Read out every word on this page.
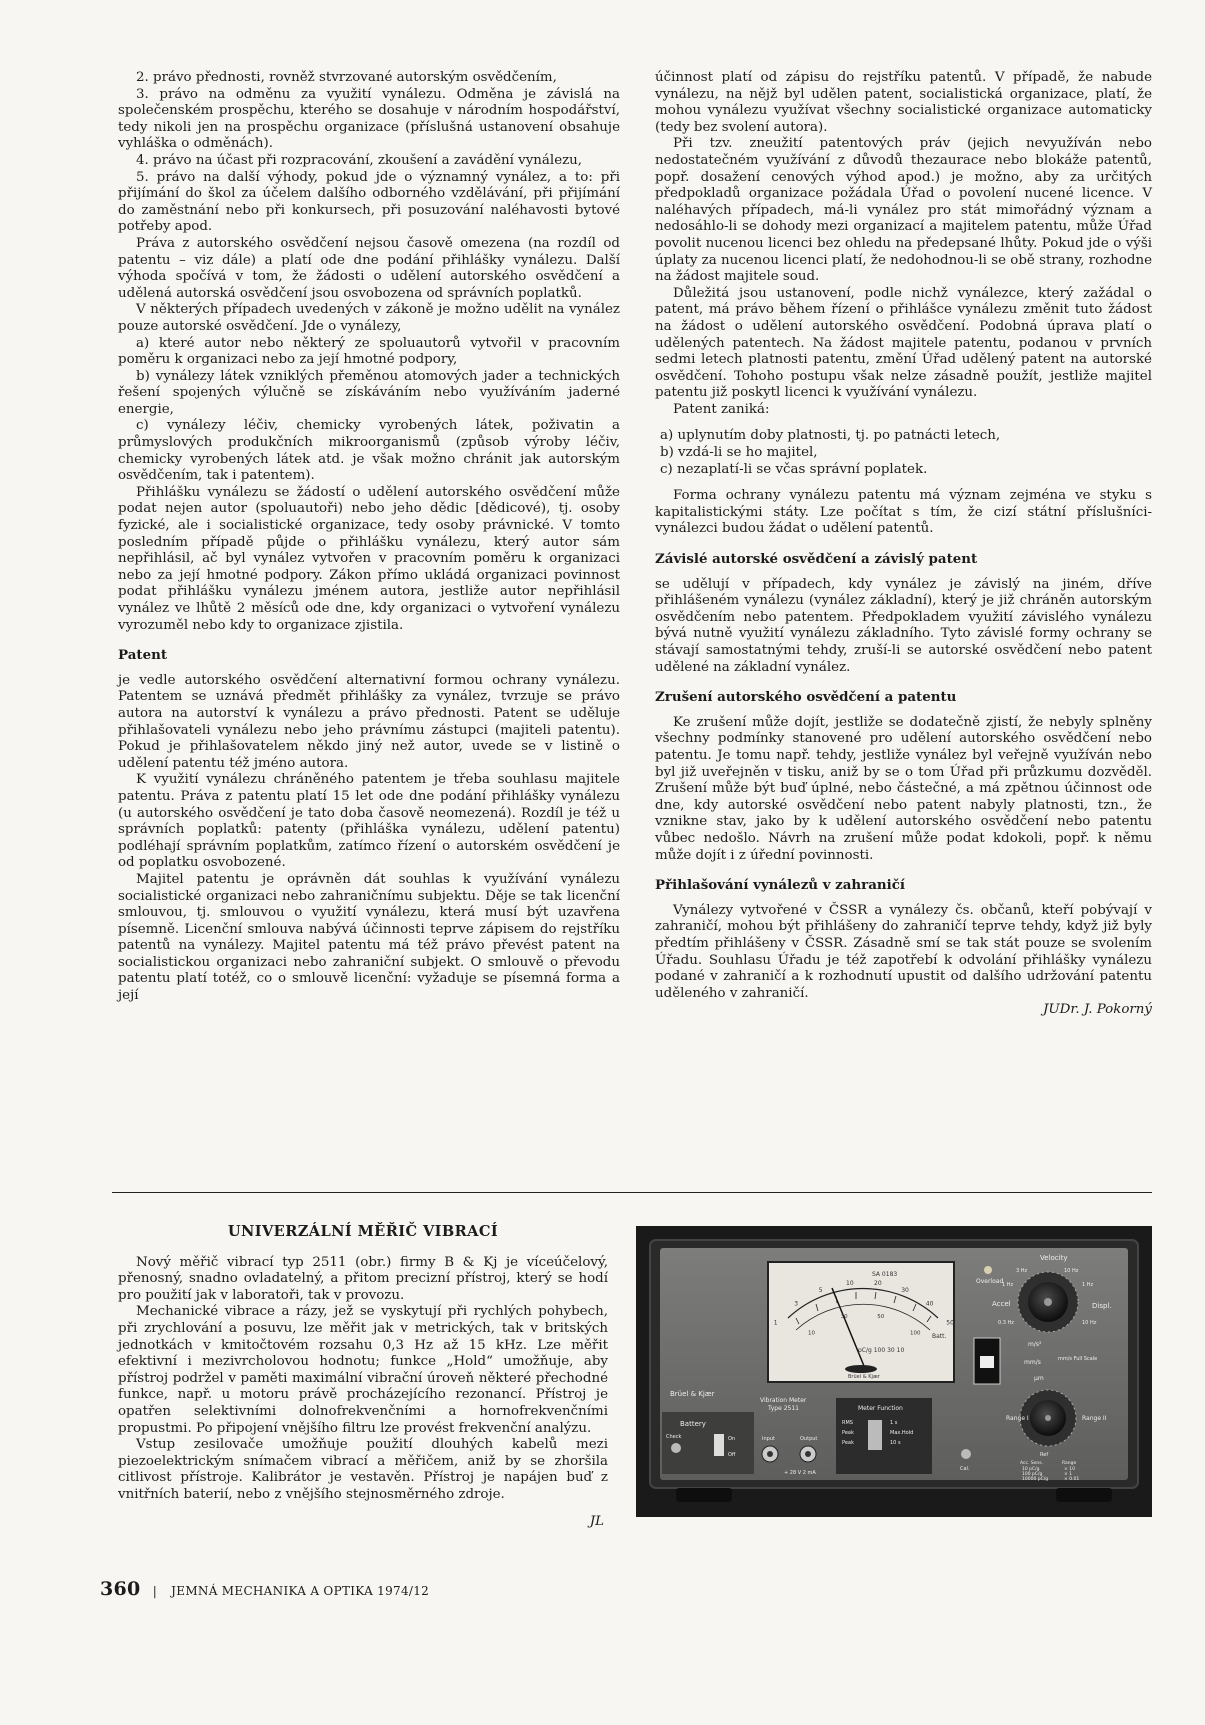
2. právo přednosti, rovněž stvrzované autorským osvědčením,

3. právo na odměnu za využití vynálezu. Odměna je závislá na společenském prospěchu, kterého se dosahuje v národním hospodářství, tedy nikoli jen na prospěchu organizace (příslušná ustanovení obsahuje vyhláška o odměnách).

4. právo na účast při rozpracování, zkoušení a zavádění vynálezu,

5. právo na další výhody, pokud jde o významný vynález, a to: při přijímání do škol za účelem dalšího odborného vzdělávání, při přijímání do zaměstnání nebo při konkursech, při posuzování naléhavosti bytové potřeby apod.

Práva z autorského osvědčení nejsou časově omezena (na rozdíl od patentu – viz dále) a platí ode dne podání přihlášky vynálezu. Další výhoda spočívá v tom, že žádosti o udělení autorského osvědčení a udělená autorská osvědčení jsou osvobozena od správních poplatků.

V některých případech uvedených v zákoně je možno udělit na vynález pouze autorské osvědčení. Jde o vynálezy,

a) které autor nebo některý ze spoluautorů vytvořil v pracovním poměru k organizaci nebo za její hmotné podpory,

b) vynálezy látek vzniklých přeměnou atomových jader a technických řešení spojených výlučně se získáváním nebo využíváním jaderné energie,

c) vynálezy léčiv, chemicky vyrobených látek, poživatin a průmyslových produkčních mikroorganismů (způsob výroby léčiv, chemicky vyrobených látek atd. je však možno chránit jak autorským osvědčením, tak i patentem).

Přihlášku vynálezu se žádostí o udělení autorského osvědčení může podat nejen autor (spoluautoři) nebo jeho dědic [dědicové), tj. osoby fyzické, ale i socialistické organizace, tedy osoby právnické. V tomto posledním případě půjde o přihlášku vynálezu, který autor sám nepřihlásil, ač byl vynález vytvořen v pracovním poměru k organizaci nebo za její hmotné podpory. Zákon přímo ukládá organizaci povinnost podat přihlášku vynálezu jménem autora, jestliže autor nepřihlásil vynález ve lhůtě 2 měsíců ode dne, kdy organizaci o vytvoření vynálezu vyrozuměl nebo kdy to organizace zjistila.

Patent

je vedle autorského osvědčení alternativní formou ochrany vynálezu. Patentem se uznává předmět přihlášky za vynález, tvrzuje se právo autora na autorství k vynálezu a právo přednosti. Patent se uděluje přihlašovateli vynálezu nebo jeho právnímu zástupci (majiteli patentu). Pokud je přihlašovatelem někdo jiný než autor, uvede se v listině o udělení patentu též jméno autora.

K využití vynálezu chráněného patentem je třeba souhlasu majitele patentu. Práva z patentu platí 15 let ode dne podání přihlášky vynálezu (u autorského osvědčení je tato doba časově neomezená). Rozdíl je též u správních poplatků: patenty (přihláška vynálezu, udělení patentu) podléhají správním poplatkům, zatímco řízení o autorském osvědčení je od poplatku osvobozené.

Majitel patentu je oprávněn dát souhlas k využívání vynálezu socialistické organizaci nebo zahraničnímu subjektu. Děje se tak licenční smlouvou, tj. smlouvou o využití vynálezu, která musí být uzavřena písemně. Licenční smlouva nabývá účinnosti teprve zápisem do rejstříku patentů na vynálezy. Majitel patentu má též právo převést patent na socialistickou organizaci nebo zahraniční subjekt. O smlouvě o převodu patentu platí totéž, co o smlouvě licenční: vyžaduje se písemná forma a její

účinnost platí od zápisu do rejstříku patentů. V případě, že nabude vynálezu, na nějž byl udělen patent, socialistická organizace, platí, že mohou vynálezu využívat všechny socialistické organizace automaticky (tedy bez svolení autora).

Při tzv. zneužití patentových práv (jejich nevyužíván nebo nedostatečném využívání z důvodů thezaurace nebo blokáže patentů, popř. dosažení cenových výhod apod.) je možno, aby za určitých předpokladů organizace požádala Úřad o povolení nucené licence. V naléhavých případech, má-li vynález pro stát mimořádný význam a nedosáhlo-li se dohody mezi organizací a majitelem patentu, může Úřad povolit nucenou licenci bez ohledu na předepsané lhůty. Pokud jde o výši úplaty za nucenou licenci platí, že nedohodnou-li se obě strany, rozhodne na žádost majitele soud.

Důležitá jsou ustanovení, podle nichž vynálezce, který zažádal o patent, má právo během řízení o přihlášce vynálezu změnit tuto žádost na žádost o udělení autorského osvědčení. Podobná úprava platí o udělených patentech. Na žádost majitele patentu, podanou v prvních sedmi letech platnosti patentu, změní Úřad udělený patent na autorské osvědčení. Tohoho postupu však nelze zásadně použít, jestliže majitel patentu již poskytl licenci k využívání vynálezu.

Patent zaniká:

a) uplynutím doby platnosti, tj. po patnácti letech,

b) vzdá-li se ho majitel,

c) nezaplatí-li se včas správní poplatek.

Forma ochrany vynálezu patentu má význam zejména ve styku s kapitalistickými státy. Lze počítat s tím, že cizí státní příslušníci-vynálezci budou žádat o udělení patentů.

Závislé autorské osvědčení a závislý patent

se udělují v případech, kdy vynález je závislý na jiném, dříve přihlášeném vynálezu (vynález základní), který je již chráněn autorským osvědčením nebo patentem. Předpokladem využití závislého vynálezu bývá nutně využití vynálezu základního. Tyto závislé formy ochrany se stávají samostatnými tehdy, zruší-li se autorské osvědčení nebo patent udělené na základní vynález.

Zrušení autorského osvědčení a patentu

Ke zrušení může dojít, jestliže se dodatečně zjistí, že nebyly splněny všechny podmínky stanovené pro udělení autorského osvědčení nebo patentu. Je tomu např. tehdy, jestliže vynález byl veřejně využíván nebo byl již uveřejněn v tisku, aniž by se o tom Úřad při průzkumu dozvěděl. Zrušení může být buď úplné, nebo částečné, a má zpětnou účinnost ode dne, kdy autorské osvědčení nebo patent nabyly platnosti, tzn., že vznikne stav, jako by k udělení autorského osvědčení nebo patentu vůbec nedošlo. Návrh na zrušení může podat kdokoli, popř. k němu může dojít i z úřední povinnosti.

Přihlašování vynálezů v zahraničí

Vynálezy vytvořené v ČSSR a vynálezy čs. občanů, kteří pobývají v zahraničí, mohou být přihlášeny do zahraničí teprve tehdy, když již byly předtím přihlášeny v ČSSR. Zásadně smí se tak stát pouze se svolením Úřadu. Souhlasu Úřadu je též zapotřebí k odvolání přihlášky vynálezu podané v zahraničí a k rozhodnutí upustit od dalšího udržování patentu uděleného v zahraničí.

JUDr. J. Pokorný

UNIVERZÁLNÍ MĚŘIČ VIBRACÍ

Nový měřič vibrací typ 2511 (obr.) firmy B & Kj je víceúčelový, přenosný, snadno ovladatelný, a přitom precizní přístroj, který se hodí pro použití jak v laboratoři, tak v provozu.

Mechanické vibrace a rázy, jež se vyskytují při rychlých pohybech, při zrychlování a posuvu, lze měřit jak v metrických, tak v britských jednotkách v kmitočtovém rozsahu 0,3 Hz až 15 kHz. Lze měřit efektivní i mezivrcholovou hodnotu; funkce „Hold“ umožňuje, aby přístroj podržel v paměti maximální vibrační úroveň některé přechodné funkce, např. u motoru právě procházejícího rezonancí. Přístroj je opatřen selektivními dolnofrekvenčními a hornofrekvenčními propustmi. Po připojení vnějšího filtru lze provést frekvenční analýzu.

Vstup zesilovače umožňuje použití dlouhých kabelů mezi piezoelektrickým snímačem vibrací a měřičem, aniž by se zhoršila citlivost přístroje. Kalibrátor je vestavěn. Přístroj je napájen buď z vnitřních baterií, nebo z vnějšího stejnosměrného zdroje.

JL

pC/g 100 30 10
Batt.
SA 0183
Brüel & Kjær
1
3
5
10	20
30
40
50
10
30	50
100
Overload
Velocity
3 Hz	10 Hz
1 Hz	1 Hz
Accel	Displ.
0.3 Hz	10 Hz
m/s²
mm/s
μm
mm/s Full Scale
Brüel & Kjær
Vibration Meter
Type 2511
Battery
Check	On
Off
Input	Output
+ 28 V 2 mA
Meter Function
RMS
Peak
Peak
1 s
Max.Hold
10 s
Range I	Range II
Ref
Cal.
Acc. Sens.	Range
10 pC/g
100 pC/g
10000 pC/g
× 10
× 1
× 0.01
360 | JEMNÁ MECHANIKA A OPTIKA 1974/12
